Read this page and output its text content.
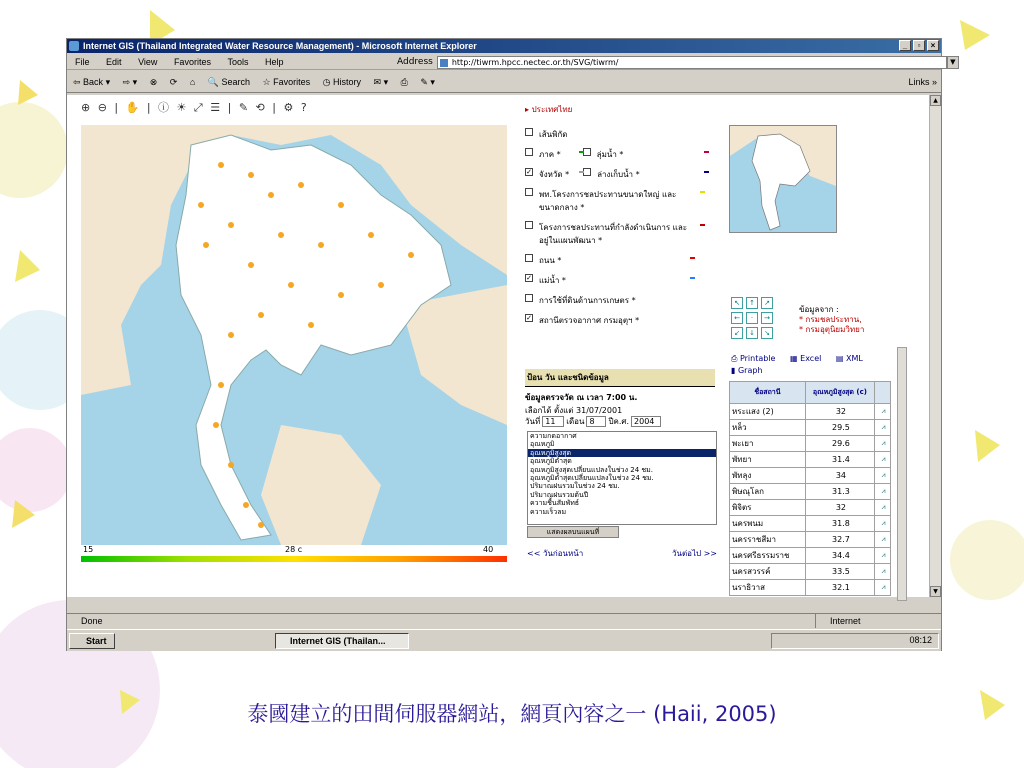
Internet GIS (Thailand Integrated Water Resource Management) - Microsoft Internet Explorer	_	▫	×
File Edit View Favorites Tools Help	Address	http://tiwrm.hpcc.nectec.or.th/SVG/tiwrm/	▼
⇦ Back ▾ ⇨ ▾ ⊗ ⟳ ⌂ 🔍 Search ☆ Favorites ◷ History ✉ ▾ ⎙ ✎ ▾	Links »
⊕ ⊖ | ✋ | ⓘ ☀ ⤢ ☰ | ✎ ⟲ | ⚙ ?
15	28 c	40
▸ ประเทศไทย
เส้นพิกัด
ภาค *	ลุ่มน้ำ *
✓ จังหวัด *	ล่างเก็บน้ำ *
พท.โครงการชลประทานขนาดใหญ่ และขนาดกลาง *
โครงการชลประทานที่กำลังดำเนินการ และอยู่ในแผนพัฒนา *
ถนน *
✓ แม่น้ำ *
การใช้ที่ดินด้านการเกษตร *
✓ สถานีตรวจอากาศ กรมอุตุฯ *
↖	↑	↗
←	·	→
↙	↓	↘
ข้อมูลจาก :
* กรมชลประทาน,
* กรมอุตุนิยมวิทยา
ป้อน วัน และชนิดข้อมูล
ข้อมูลตรวจวัด ณ เวลา 7:00 น.
เลือกได้ ตั้งแต่ 31/07/2001
วันที่ 11	เดือน 8	ปีค.ศ. 2004
ความกดอากาศ
อุณหภูมิ
อุณหภูมิสูงสุด
อุณหภูมิต่ำสุด
อุณหภูมิสูงสุดเปลี่ยนแปลงในช่วง 24 ชม.
อุณหภูมิต่ำสุดเปลี่ยนแปลงในช่วง 24 ชม.
ปริมาณฝนรวมในช่วง 24 ชม.
ปริมาณฝนรวมต้นปี
ความชื้นสัมพัทธ์
ความเร็วลม
แสดงผลบนแผนที่
<< วันก่อนหน้า	วันต่อไป >>
⎙ Printable ▦ Excel ▤ XML
▮ Graph
ชื่อสถานี	อุณหภูมิสูงสุด (c)	
หระแสง (2)	32	⩘
หล็ว	29.5	⩘
พะเยา	29.6	⩘
พัทยา	31.4	⩘
พัทลุง	34	⩘
พิษณุโลก	31.3	⩘
พิจิตร	32	⩘
นครพนม	31.8	⩘
นครราชสีมา	32.7	⩘
นครศรีธรรมราช	34.4	⩘
นครสวรรค์	33.5	⩘
นราธิวาส	32.1	⩘
▲
▼
Done	Internet
Start	Internet GIS (Thailan...	08:12
泰國建立的田間伺服器網站，網頁內容之一 (Haii, 2005)
